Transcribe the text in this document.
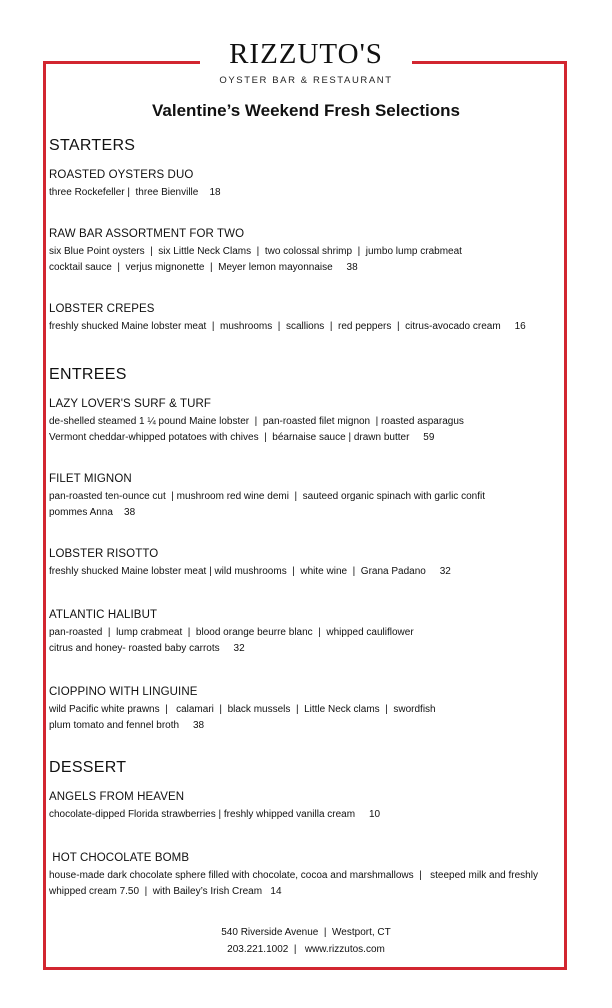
RIZZUTO'S
OYSTER BAR & RESTAURANT
Valentine’s Weekend Fresh Selections
STARTERS
ROASTED OYSTERS DUO
three Rockefeller |  three Bienville    18
RAW BAR ASSORTMENT FOR TWO
six Blue Point oysters  |  six Little Neck Clams  |  two colossal shrimp  |  jumbo lump crabmeat
cocktail sauce  |  verjus mignonette  |  Meyer lemon mayonnaise     38
LOBSTER CREPES
freshly shucked Maine lobster meat  |  mushrooms  |  scallions  |  red peppers  |  citrus-avocado cream     16
ENTREES
LAZY LOVER'S SURF & TURF
de-shelled steamed 1 ¼ pound Maine lobster  |  pan-roasted filet mignon  | roasted asparagus
Vermont cheddar-whipped potatoes with chives  |  béarnaise sauce | drawn butter     59
FILET MIGNON
pan-roasted ten-ounce cut  | mushroom red wine demi  |  sauteed organic spinach with garlic confit
pommes Anna    38
LOBSTER RISOTTO
freshly shucked Maine lobster meat | wild mushrooms  |  white wine  |  Grana Padano     32
ATLANTIC HALIBUT
pan-roasted  |  lump crabmeat  |  blood orange beurre blanc  |  whipped cauliflower
citrus and honey- roasted baby carrots     32
CIOPPINO WITH LINGUINE
wild Pacific white prawns  |   calamari  |  black mussels  |  Little Neck clams  |  swordfish
plum tomato and fennel broth     38
DESSERT
ANGELS FROM HEAVEN
chocolate-dipped Florida strawberries | freshly whipped vanilla cream     10
HOT CHOCOLATE BOMB
house-made dark chocolate sphere filled with chocolate, cocoa and marshmallows  |   steeped milk and freshly
whipped cream 7.50  |  with Bailey’s Irish Cream   14
540 Riverside Avenue  |  Westport, CT
203.221.1002  |   www.rizzutos.com
